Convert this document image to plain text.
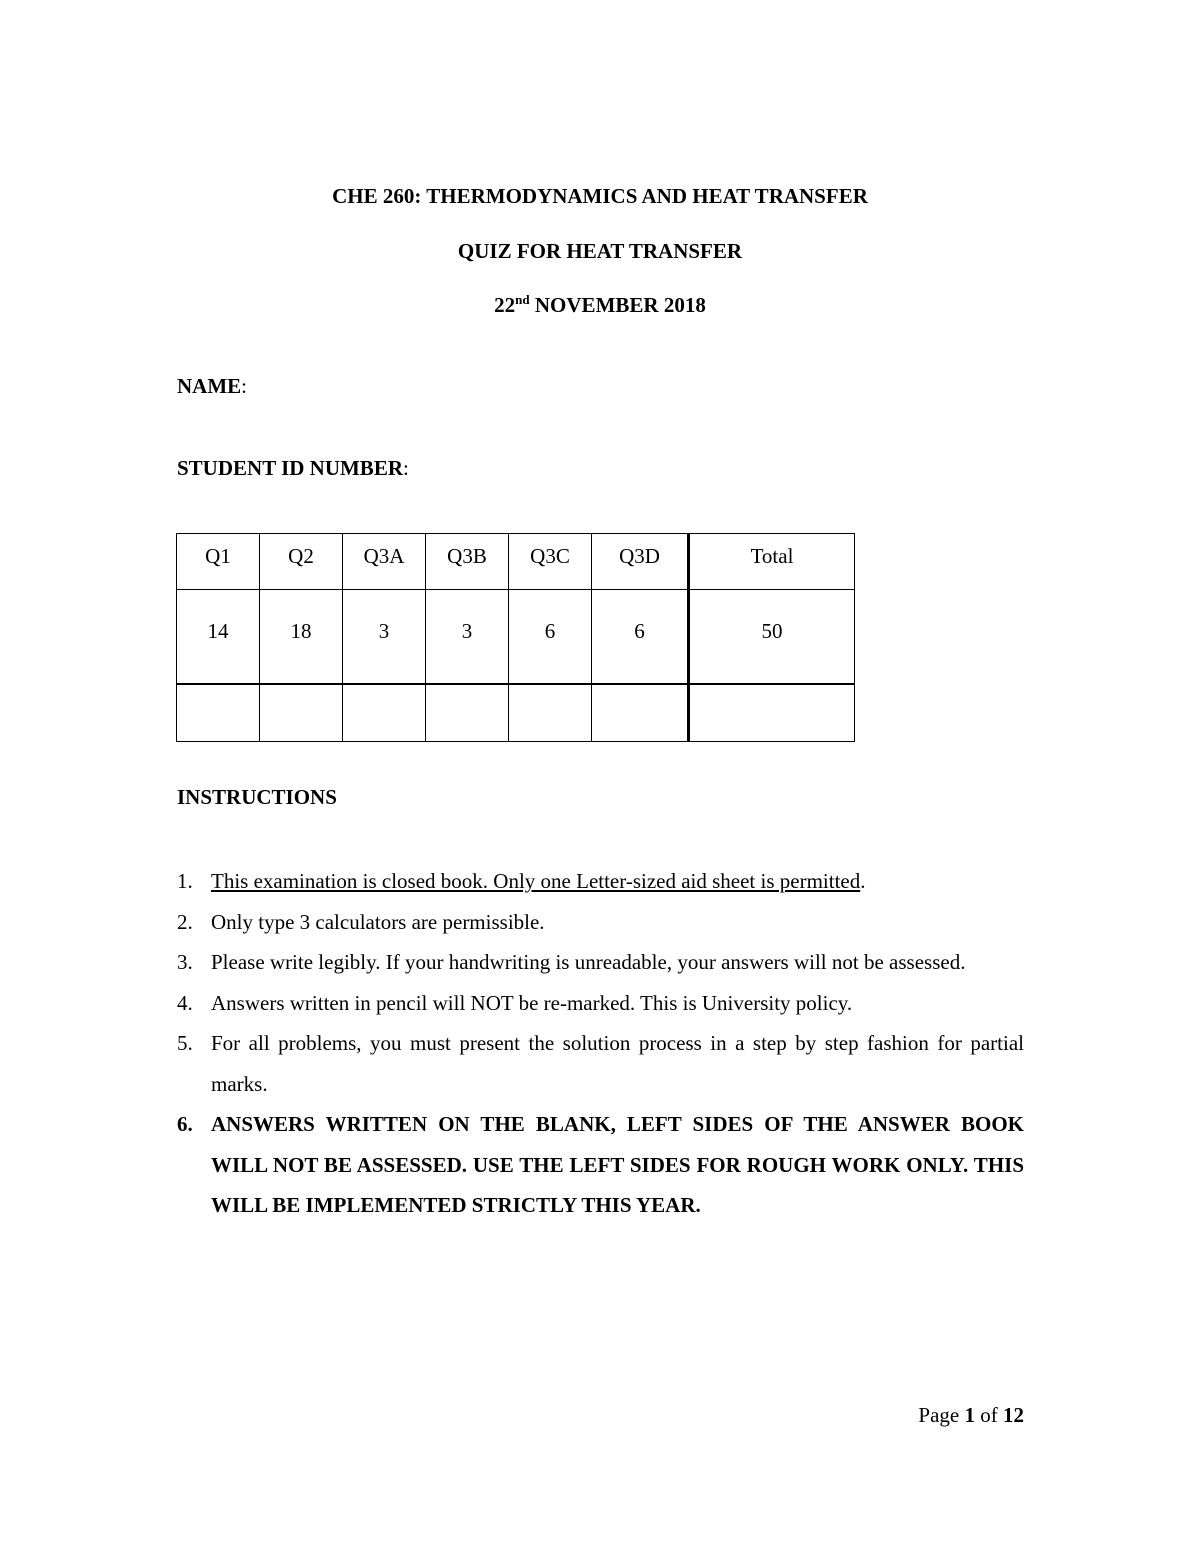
CHE 260: THERMODYNAMICS AND HEAT TRANSFER
QUIZ FOR HEAT TRANSFER
22nd NOVEMBER 2018
NAME:
STUDENT ID NUMBER:
Q1	Q2	Q3A	Q3B	Q3C	Q3D	Total
14	18	3	3	6	6	50

INSTRUCTIONS
1. This examination is closed book. Only one Letter-sized aid sheet is permitted.
2. Only type 3 calculators are permissible.
3. Please write legibly. If your handwriting is unreadable, your answers will not be assessed.
4. Answers written in pencil will NOT be re-marked. This is University policy.
5. For all problems, you must present the solution process in a step by step fashion for partial marks.
6. ANSWERS WRITTEN ON THE BLANK, LEFT SIDES OF THE ANSWER BOOK WILL NOT BE ASSESSED. USE THE LEFT SIDES FOR ROUGH WORK ONLY. THIS WILL BE IMPLEMENTED STRICTLY THIS YEAR.
Page 1 of 12
